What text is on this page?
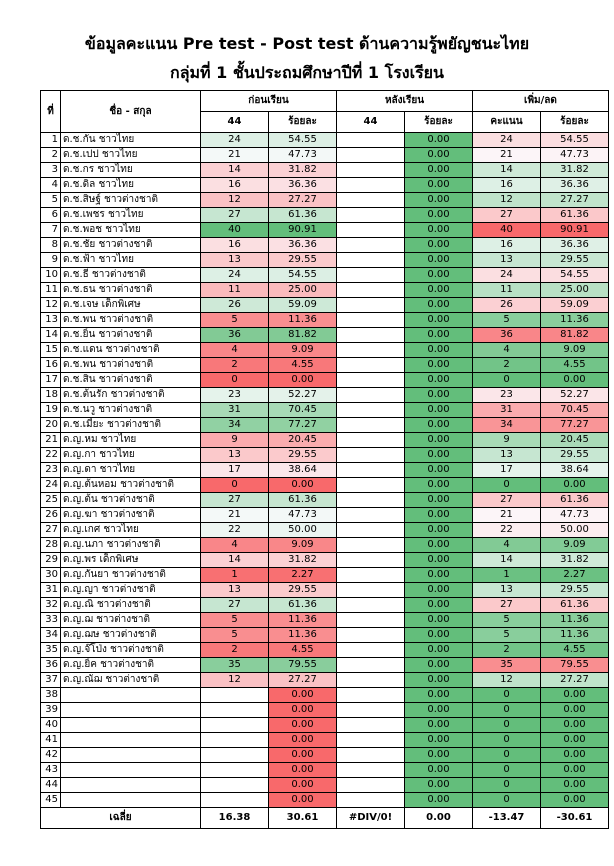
ข้อมูลคะแนน Pre test - Post test ด้านความรู้พยัญชนะไทย
กลุ่มที่ 1 ชั้นประถมศึกษาปีที่ 1 โรงเรียน
ที่	ชื่อ - สกุล	ก่อนเรียน		หลังเรียน		เพิ่ม/ลด	
		44	ร้อยละ	44	ร้อยละ	คะแนน	ร้อยละ
1	ด.ช.กัน ชาวไทย	24	54.55		0.00	24	54.55
2	ด.ช.เปป ชาวไทย	21	47.73		0.00	21	47.73
3	ด.ช.กร ชาวไทย	14	31.82		0.00	14	31.82
4	ด.ช.ดิล ชาวไทย	16	36.36		0.00	16	36.36
5	ด.ช.สิษฐ์ ชาวต่างชาติ	12	27.27		0.00	12	27.27
6	ด.ช.เพชร ชาวไทย	27	61.36		0.00	27	61.36
7	ด.ช.พอช ชาวไทย	40	90.91		0.00	40	90.91
8	ด.ช.ชัย ชาวต่างชาติ	16	36.36		0.00	16	36.36
9	ด.ช.ฟ้า ชาวไทย	13	29.55		0.00	13	29.55
10	ด.ช.ธี ชาวต่างชาติ	24	54.55		0.00	24	54.55
11	ด.ช.ธน ชาวต่างชาติ	11	25.00		0.00	11	25.00
12	ด.ช.เจษ เด็กพิเศษ	26	59.09		0.00	26	59.09
13	ด.ช.พน ชาวต่างชาติ	5	11.36		0.00	5	11.36
14	ด.ช.ยิ้น ชาวต่างชาติ	36	81.82		0.00	36	81.82
15	ด.ช.แดน ชาวต่างชาติ	4	9.09		0.00	4	9.09
16	ด.ช.พน ชาวต่างชาติ	2	4.55		0.00	2	4.55
17	ด.ช.สิน ชาวต่างชาติ	0	0.00		0.00	0	0.00
18	ด.ช.ต้นรัก ชาวต่างชาติ	23	52.27		0.00	23	52.27
19	ด.ช.นวู ชาวต่างชาติ	31	70.45		0.00	31	70.45
20	ด.ช.เมี้ยะ ชาวต่างชาติ	34	77.27		0.00	34	77.27
21	ด.ญ.หม ชาวไทย	9	20.45		0.00	9	20.45
22	ด.ญ.กา ชาวไทย	13	29.55		0.00	13	29.55
23	ด.ญ.ดา ชาวไทย	17	38.64		0.00	17	38.64
24	ด.ญ.ต้นหอม ชาวต่างชาติ	0	0.00		0.00	0	0.00
25	ด.ญ.ต้น ชาวต่างชาติ	27	61.36		0.00	27	61.36
26	ด.ญ.ฆา ชาวต่างชาติ	21	47.73		0.00	21	47.73
27	ด.ญ.เกศ ชาวไทย	22	50.00		0.00	22	50.00
28	ด.ญ.นภา ชาวต่างชาติ	4	9.09		0.00	4	9.09
29	ด.ญ.พร เด็กพิเศษ	14	31.82		0.00	14	31.82
30	ด.ญ.กันยา ชาวต่างชาติ	1	2.27		0.00	1	2.27
31	ด.ญ.ญา ชาวต่างชาติ	13	29.55		0.00	13	29.55
32	ด.ญ.ณิ ชาวต่างชาติ	27	61.36		0.00	27	61.36
33	ด.ญ.ฌ ชาวต่างชาติ	5	11.36		0.00	5	11.36
34	ด.ญ.ฌษ ชาวต่างชาติ	5	11.36		0.00	5	11.36
35	ด.ญ.จ๊โป่ง ชาวต่างชาติ	2	4.55		0.00	2	4.55
36	ด.ญ.ยิ้ค ชาวต่างชาติ	35	79.55		0.00	35	79.55
37	ด.ญ.ณัฌ ชาวต่างชาติ	12	27.27		0.00	12	27.27
38			0.00		0.00	0	0.00
39			0.00		0.00	0	0.00
40			0.00		0.00	0	0.00
41			0.00		0.00	0	0.00
42			0.00		0.00	0	0.00
43			0.00		0.00	0	0.00
44			0.00		0.00	0	0.00
45			0.00		0.00	0	0.00
เฉลี่ย		16.38	30.61	#DIV/0!	0.00	-13.47	-30.61
